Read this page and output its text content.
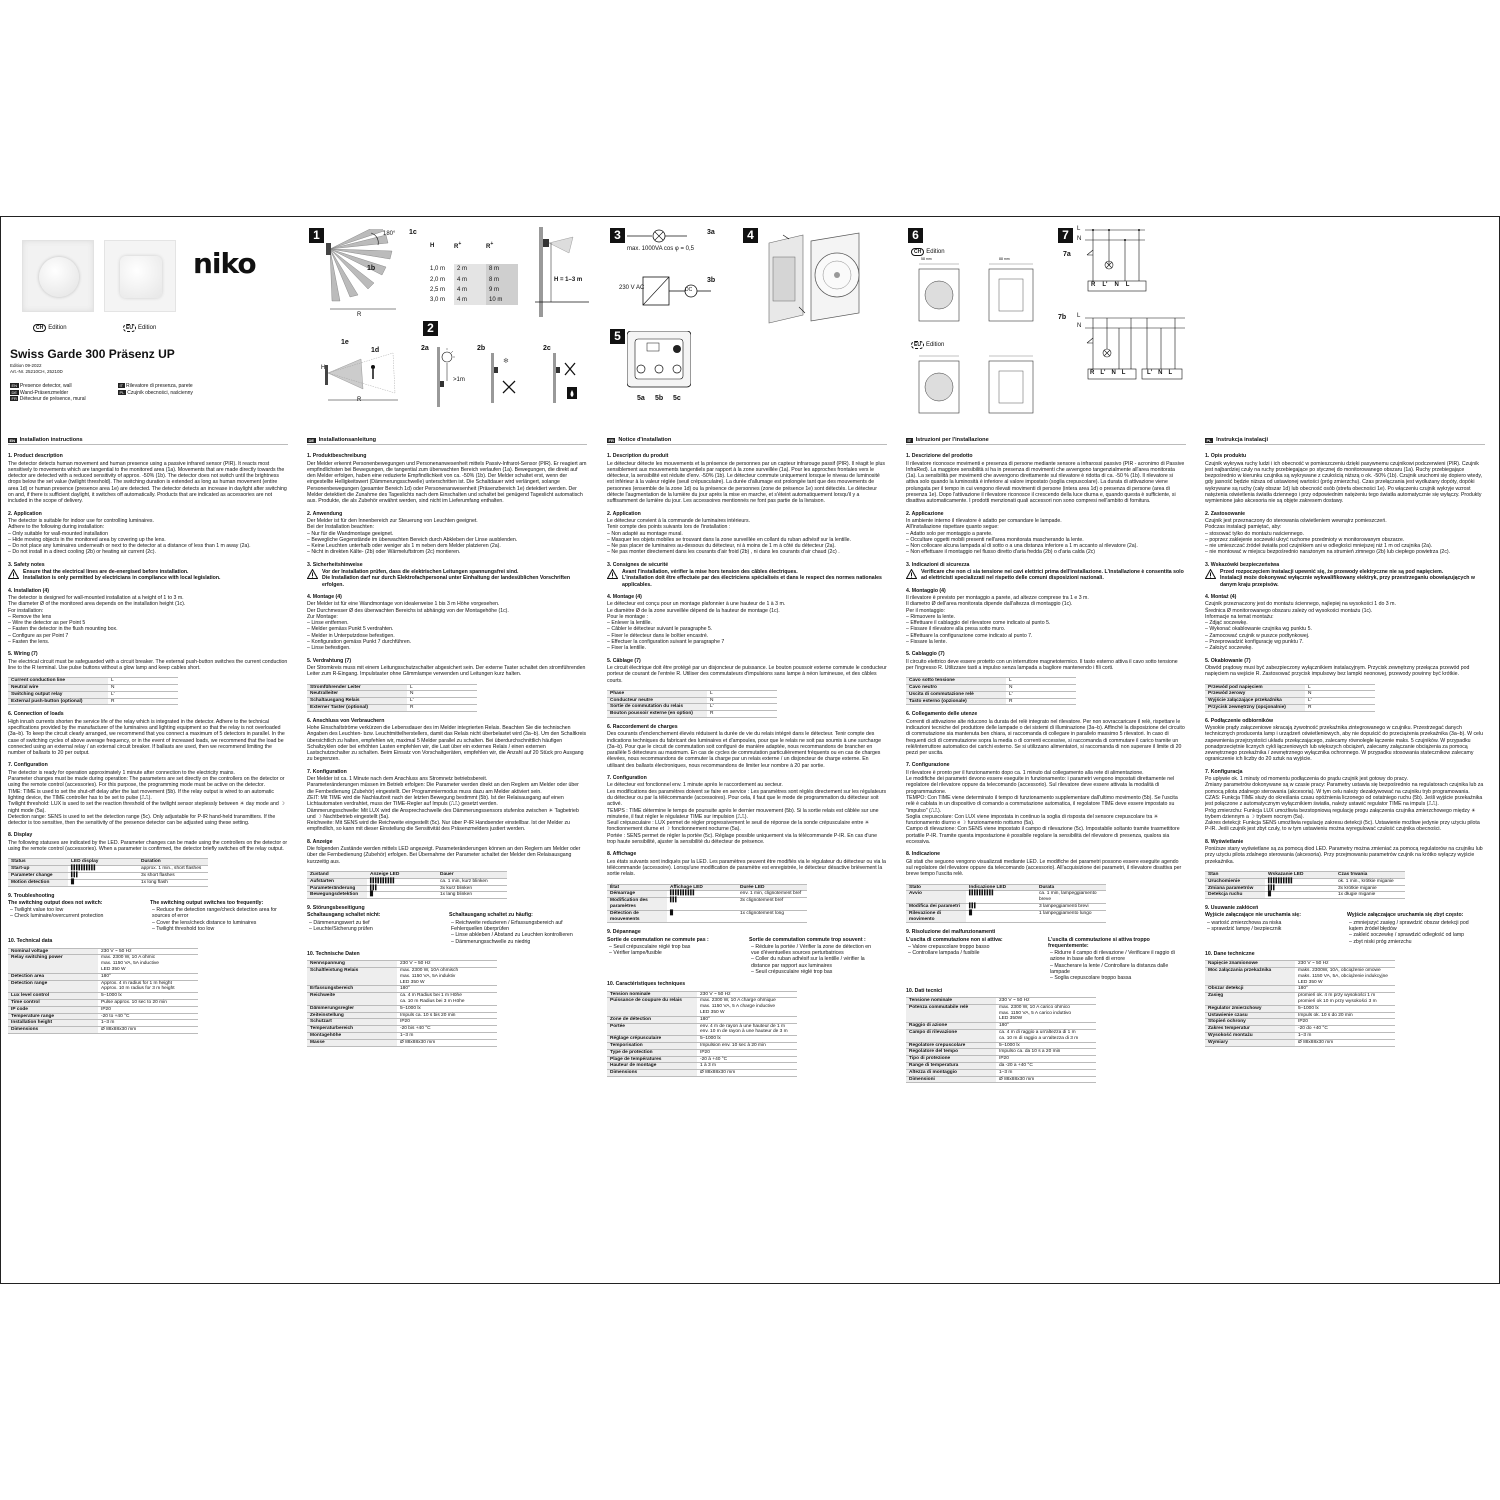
niko
CH Edition	EU Edition
Swiss Garde 300 Präsenz UP
Edition 09-2022
Art.-Nr. 25210CH, 25210D
EN Presence detector, wall
DE Wand-Präsenzmelder
FR Détecteur de présence, mural
IT Rilevatore di presenza, parete
PL Czujnik obecności, naścienny
1	180°
1b
R
1c
H	R+	R+

1,0 m	2 m	8 m
2,0 m	4 m	8 m
2,5 m	4 m	9 m
3,0 m	4 m	10 m
H = 1–3 m
1e
1d
H
R
2
2a
>1m
2b
❄
2c
3	3a
max. 1000VA cos φ = 0,5
230 V AC	DC
3b
4
5
5a 5b 5c
6
CH Edition
EU Edition
58 mm	88 mm
7	L
N
R L' N L
7a
7b L
N
R L' N L	L' N L
EN Installation instructions
1. Product description

The detector detects human movement and human presence using a passive infrared sensor (PIR). It reacts most sensitively to movements which are tangential to the monitored area (1a). Movements that are made directly towards the detector are detected with a reduced sensitivity of approx. -50% (1b). The detector does not switch until the brightness drops below the set value (twilight threshold). The switching duration is extended as long as human movement (entire area 1d) or human presence (presence area 1e) are detected. The detector detects an increase in daylight after switching on and, if there is sufficient daylight, it switches off automatically. Products that are indicated as accessories are not included in the scope of delivery.

2. Application

The detector is suitable for indoor use for controlling luminaires.

Adhere to the following during installation:

– Only suitable for wall-mounted installation

– Hide moving objects in the monitored area by covering up the lens.

– Do not place any luminaires underneath or next to the detector at a distance of less than 1 m away (2a).

– Do not install in a direct cooling (2b) or heating air current (2c).

3. Safety notes

Ensure that the electrical lines are de-energised before installation.

Installation is only permitted by electricians in compliance with local legislation.

4. Installation (4)

The detector is designed for wall-mounted installation at a height of 1 to 3 m.

The diameter Ø of the monitored area depends on the installation height (1c).

For installation:

– Remove the lens

– Wire the detector as per Point 5

– Fasten the detector in the flush mounting box.

– Configure as per Point 7

– Fasten the lens.

5. Wiring (7)

The electrical circuit must be safeguarded with a circuit breaker. The external push-button switches the current conduction line to the R terminal. Use pulse buttons without a glow lamp and keep cables short.

Current conduction line	L
Neutral wire	N
Switching output relay	L'
External push-button (optional)	R
6. Connection of loads

High inrush currents shorten the service life of the relay which is integrated in the detector. Adhere to the technical specifications provided by the manufacturer of the luminaires and lighting equipment so that the relay is not overloaded (3a–b). To keep the circuit clearly arranged, we recommend that you connect a maximum of 5 detectors in parallel. In the case of switching cycles of above average frequency, or in the event of increased loads, we recommend that the load be connected using an external relay / an external circuit breaker. If ballasts are used, then we recommend limiting the number of ballasts to 20 per output.

7. Configuration

The detector is ready for operation approximately 1 minute after connection to the electricity mains.

Parameter changes must be made during operation: The parameters are set directly on the controllers on the detector or using the remote control (accessories). For this purpose, the programming mode must be active on the detector.

TIME: TIME is used to set the shut-off delay after the last movement (5b). If the relay output is wired to an automatic lighting device, the TIME controller has to be set to pulse (⎍⎍).

Twilight threshold: LUX is used to set the reaction threshold of the twilight sensor steplessly between ☀ day mode and ☽ night mode (5a).

Detection range: SENS is used to set the detection range (5c). Only adjustable for P-IR hand-held transmitters. If the detector is too sensitive, then the sensitivity of the presence detector can be adjusted using these setting.

8. Display

The following statuses are indicated by the LED. Parameter changes can be made using the controllers on the detector or using the remote control (accessories). When a parameter is confirmed, the detector briefly switches off the relay output.

Status	LED display	Duration
Start-up	▌▌▌▌▌▌▌▌▌▌	approx. 1 min., short flashes
Parameter change	▌▌▌	3x short flashes
Motion detection	█	1x long flash
9. Troubleshooting
The switching output does not switch:
– Twilight value too low
– Check luminaire/overcurrent protection
The switching output switches too frequently:
– Reduce the detection range/check detection area for sources of error
– Cover the lens/check distance to luminaires
– Twilight threshold too low
10. Technical data
Nominal voltage	230 V ~ 50 Hz
Relay switching power	max. 2300 W, 10 A ohmic
max. 1150 VA, 5A inductive
LED 350 W
Detection area	180°
Detection range	Approx. 4 m radius for 1 m height
Approx. 10 m radius for 3 m height
Lux level control	5–1000 lx
Time control	Pulse approx. 10 sec to 20 min
IP code	IP20
Temperature range	-20 to +40 °C
Installation height	1–3 m
Dimensions	Ø 88x88x30 mm
DE Installationsanleitung
1. Produktbeschreibung

Der Melder erkennt Personenbewegungen und Personenanwesenheit mittels Passiv-Infrarot-Sensor (PIR). Er reagiert am empfindlichsten bei Bewegungen, die tangential zum überwachten Bereich verlaufen (1a). Bewegungen, die direkt auf den Melder erfolgen, haben eine reduzierte Empfindlichkeit von ca. -50% (1b). Der Melder schaltet erst, wenn der eingestellte Helligkeitswert (Dämmerungsschwelle) unterschritten ist. Die Schaltdauer wird verlängert, solange Personenbewegungen (gesamter Bereich 1d) oder Personenanwesenheit (Präsenzbereich 1e) detektiert werden. Der Melder detektiert die Zunahme des Tageslichts nach dem Einschalten und schaltet bei genügend Tageslicht automatisch aus. Produkte, die als Zubehör erwähnt werden, sind nicht im Lieferumfang enthalten.

2. Anwendung

Der Melder ist für den Innenbereich zur Steuerung von Leuchten geeignet.

Bei der Installation beachten:

– Nur für die Wandmontage geeignet.

– Bewegliche Gegenstände im überwachten Bereich durch Abkleben der Linse ausblenden.

– Keine Leuchten unterhalb oder weniger als 1 m neben dem Melder platzieren (2a).

– Nicht in direkten Kälte- (2b) oder Wärmeluftstrom (2c) montieren.

3. Sicherheitshinweise

Vor der Installation prüfen, dass die elektrischen Leitungen spannungsfrei sind.

Die Installation darf nur durch Elektrofachpersonal unter Einhaltung der landesüblichen Vorschriften erfolgen.

4. Montage (4)

Der Melder ist für eine Wandmontage von idealerweise 1 bis 3 m Höhe vorgesehen.

Der Durchmesser Ø des überwachten Bereichs ist abhängig von der Montagehöhe (1c).

Zur Montage:

– Linse entfernen.

– Melder gemäss Punkt 5 verdrahten.

– Melder in Unterputzdose befestigen.

– Konfiguration gemäss Punkt 7 durchführen.

– Linse befestigen.

5. Verdrahtung (7)

Der Stromkreis muss mit einem Leitungsschutzschalter abgesichert sein. Der externe Taster schaltet den stromführenden Leiter zum R-Eingang. Impulstaster ohne Glimmlampe verwenden und Leitungen kurz halten.

Stromführender Leiter	L
Neutralleiter	N
Schaltausgang Relais	L'
Externer Taster (optional)	R
6. Anschluss von Verbrauchern

Hohe Einschaltströme verkürzen die Lebensdauer des im Melder integrierten Relais. Beachten Sie die technischen Angaben des Leuchten- bzw. Leuchtmittelherstellers, damit das Relais nicht überbelastet wird (3a–b). Um den Schaltkreis übersichtlich zu halten, empfehlen wir, maximal 5 Melder parallel zu schalten. Bei überdurchschnittlich häufigen Schaltzyklen oder bei erhöhten Lasten empfehlen wir, die Last über ein externes Relais / einen externen Lastschutzschalter zu schalten. Beim Einsatz von Vorschaltgeräten, empfehlen wir, die Anzahl auf 20 Stück pro Ausgang zu begrenzen.

7. Konfiguration

Der Melder ist ca. 1 Minute nach dem Anschluss ans Stromnetz betriebsbereit.

Parameteränderungen müssen im Betrieb erfolgen: Die Parameter werden direkt an den Reglern am Melder oder über die Fernbedienung (Zubehör) eingestellt. Der Programmiermodus muss dazu am Melder aktiviert sein.

ZEIT: Mit TIME wird die Nachlaufzeit nach der letzten Bewegung bestimmt (5b). Ist der Relaisausgang auf einen Lichtautomaten verdrahtet, muss der TIME-Regler auf Impuls (⎍⎍) gesetzt werden.

Dämmerungsschwelle: Mit LUX wird die Ansprechschwelle des Dämmerungssensors stufenlos zwischen ☀ Tagbetrieb und ☽ Nachtbetrieb eingestellt (5a).

Reichweite: Mit SENS wird die Reichweite eingestellt (5c). Nur über P-IR Handsender einstellbar. Ist der Melder zu empfindlich, so kann mit dieser Einstellung die Sensitivität des Präsenzmelders justiert werden.

8. Anzeige

Die folgenden Zustände werden mittels LED angezeigt. Parameteränderungen können an den Reglern am Melder oder über die Fernbedienung (Zubehör) erfolgen. Bei Übernahme der Parameter schaltet der Melder den Relaisausgang kurzzeitig aus.

Zustand	Anzeige LED	Dauer
Aufstarten	▌▌▌▌▌▌▌▌▌▌	ca. 1 min, kurz blinken
Parameteränderung	▌▌▌	3x kurz blinken
Bewegungsdetektion	█	1x lang blinken
9. Störungsbeseitigung
Schaltausgang schaltet nicht:
– Dämmerungswert zu tief
– Leuchte/Sicherung prüfen
Schaltausgang schaltet zu häufig:
– Reichweite reduzieren / Erfassungsbereich auf Fehlerquellen überprüfen
– Linse abkleben / Abstand zu Leuchten kontrollieren
– Dämmerungsschwelle zu niedrig
10. Technische Daten
Nennspannung	230 V ~ 50 Hz
Schaltleistung Relais	max. 2300 W, 10A ohmisch
max. 1150 VA, 5A induktiv
LED 350 W
Erfassungsbereich	180°
Reichweite	ca. 4 m Radius bei 1 m Höhe
ca. 10 m Radius bei 3 m Höhe
Dämmerungsregler	5–1000 lx
Zeiteinstellung	Impuls ca. 10 s bis 20 min
Schutzart	IP20
Temperaturbereich	-20 bis +40 °C
Montagehöhe	1–3 m
Masse	Ø 88x88x30 mm
FR Notice d'installation
1. Description du produit

Le détecteur détecte les mouvements et la présence de personnes par un capteur infrarouge passif (PIR). Il réagit le plus sensiblement aux mouvements tangentiels par rapport à la zone surveillée (1a). Pour les approches frontales vers le détecteur, la sensibilité est réduite d'env. -50% (1b). Le détecteur commute uniquement lorsque le niveau de luminosité est inférieur à la valeur réglée (seuil crépusculaire). La durée d'allumage est prolongée tant que des mouvements de personnes (ensemble de la zone 1d) ou la présence de personnes (zone de présence 1e) sont détectés. Le détecteur détecte l'augmentation de la lumière du jour après la mise en marche, et s'éteint automatiquement lorsqu'il y a suffisamment de lumière du jour. Les accessoires mentionnés ne font pas partie de la livraison.

2. Application

Le détecteur convient à la commande de luminaires intérieurs.

Tenir compte des points suivants lors de l'installation :

– Non adapté au montage mural.

– Masquer les objets mobiles se trouvant dans la zone surveillée en collant du ruban adhésif sur la lentille.

– Ne pas placer de luminaires au-dessous du détecteur, ni à moins de 1 m à côté du détecteur (2a).

– Ne pas monter directement dans les courants d'air froid (2b) , ni dans les courants d'air chaud (2c) .

3. Consignes de sécurité

Avant l'installation, vérifier la mise hors tension des câbles électriques.

L'installation doit être effectuée par des électriciens spécialisés et dans le respect des normes nationales applicables.

4. Montage (4)

Le détecteur est conçu pour un montage plafonnier à une hauteur de 1 à 3 m.

Le diamètre Ø de la zone surveillée dépend de la hauteur de montage (1c).

Pour le montage :

– Enlever la lentille.

– Câbler le détecteur suivant le paragraphe 5.

– Fixer le détecteur dans le boîtier encastré.

– Effectuer la configuration suivant le paragraphe 7

– Fixer la lentille.

5. Câblage (7)

Le circuit électrique doit être protégé par un disjoncteur de puissance. Le bouton poussoir externe commute le conducteur porteur de courant de l'entrée R. Utiliser des commutateurs d'impulsions sans lampe à néon lumineuse, et des câbles courts.

Phase	L
Conducteur neutre	N
Sortie de commutation du relais	L'
Bouton poussoir externe (en option)	R
6. Raccordement de charges

Des courants d'enclenchement élevés réduisent la durée de vie du relais intégré dans le détecteur. Tenir compte des indications techniques du fabricant des luminaires et d'ampoules, pour que le relais ne soit pas soumis à une surcharge (3a–b). Pour que le circuit de commutation soit configuré de manière adaptée, nous recommandons de brancher en parallèle 5 détecteurs au maximum. En cas de cycles de commutation particulièrement fréquents ou en cas de charges élevées, nous recommandons de commuter la charge par un relais externe / un disjoncteur de charge externe. En utilisant des ballasts électroniques, nous recommandons de limiter leur nombre à 20 par sortie.

7. Configuration

Le détecteur est fonctionnel env. 1 minute après le raccordement au secteur.

Les modifications des paramètres doivent se faire en service : Les paramètres sont réglés directement sur les régulateurs du détecteur ou par la télécommande (accessoires). Pour cela, il faut que le mode de programmation du détecteur soit activé.

TEMPS : TIME détermine le temps de poursuite après le dernier mouvement (5b). Si la sortie relais est câblée sur une minuterie, il faut régler le régulateur TIME sur impulsion (⎍⎍).

Seuil crépusculaire : LUX permet de régler progressivement le seuil de réponse de la sonde crépusculaire entre ☀ fonctionnement diurne et ☽ fonctionnement nocturne (5a).

Portée : SENS permet de régler la portée (5c). Réglage possible uniquement via la télécommande P-IR. En cas d'une trop haute sensibilité, ajuster la sensibilité du détecteur de présence.

8. Affichage

Les états suivants sont indiqués par la LED. Les paramètres peuvent être modifiés via le régulateur du détecteur ou via la télécommande (accessoire). Lorsqu'une modification de paramètre est enregistrée, le détecteur désactive brièvement la sortie relais.

État	Affichage LED	Durée LED
Démarrage	▌▌▌▌▌▌▌▌▌▌	env. 1 min, clignotement bref
Modification des paramètres	▌▌▌	3x clignotement bref
Détection de mouvements	█	1x clignotement long
9. Dépannage
Sortie de commutation ne commute pas :
– Seuil crépusculaire réglé trop bas
– Vérifier lampe/fusible
Sortie de commutation commute trop souvent :
– Réduire la portée / Vérifier la zone de détection en vue d'éventuelles sources perturbatrices
– Coller du ruban adhésif sur la lentille / vérifier la distance par rapport aux luminaires
– Seuil crépusculaire réglé trop bas
10. Caractéristiques techniques
Tension nominale	230 V ~ 50 Hz
Puissance de coupure du relais	max. 2300 W, 10 A charge ohmique
max. 1150 VA, 5 A charge inductive
LED 350 W
Zone de détection	180°
Portée	env. 4 m de rayon à une hauteur de 1 m
env. 10 m de rayon à une hauteur de 3 m
Réglage crépusculaire	5–1000 lx
Temporisation	Impulsion env. 10 sec à 20 min
Type de protection	IP20
Plage de températures	-20 à +40 °C
Hauteur de montage	1 à 3 m
Dimensions	Ø 88x88x30 mm
IT Istruzioni per l'installazione
1. Descrizione del prodotto

Il rilevatore riconosce movimenti e presenza di persone mediante sensore a infrarossi passivo (PIR - acronimo di Passive InfraRed). La maggiore sensibilità si ha in presenza di movimenti che avvengono tangenzialmente all'area monitorata (1a). La sensibilità per movimenti che avvengono direttamente sul rilevatore è ridotta di ca. -50 % (1b). Il rilevatore si attiva solo quando la luminosità è inferiore al valore impostato (soglia crepuscolare). La durata di attivazione viene prolungata per il tempo in cui vengono rilevati movimenti di persone (intera area 1d) o presenza di persone (area di presenza 1e). Dopo l'attivazione il rilevatore riconosce il crescendo della luce diurna e, quando questa è sufficiente, si disattiva automaticamente. I prodotti menzionati quali accessori non sono compresi nell'ambito di fornitura.

2. Applicazione

In ambiente interno il rilevatore è adatto per comandare le lampade.

All'installazione rispettare quanto segue:

– Adatto solo per montaggio a parete.

– Occultare oggetti mobili presenti nell'area monitorata mascherando la lente.

– Non collocare alcuna lampada al di sotto o a una distanza inferiore a 1 m accanto al rilevatore (2a).

– Non effettuare il montaggio nel flusso diretto d'aria fredda (2b) o d'aria calda (2c)

3. Indicazioni di sicurezza

Verificare che non ci sia tensione nei cavi elettrici prima dell'installazione. L'installazione è consentita solo ad elettricisti specializzati nel rispetto delle comuni disposizioni nazionali.

4. Montaggio (4)

Il rilevatore è previsto per montaggio a parete, ad altezze comprese tra 1 e 3 m.

Il diametro Ø dell'area monitorata dipende dall'altezza di montaggio (1c).

Per il montaggio:

– Rimuovere la lente.

– Effettuare il cablaggio del rilevatore come indicato al punto 5.

– Fissare il rilevatore alla presa sotto muro.

– Effettuare la configurazione come indicato al punto 7.

– Fissare la lente.

5. Cablaggio (7)

Il circuito elettrico deve essere protetto con un interruttore magnetotermico. Il tasto esterno attiva il cavo sotto tensione per l'ingresso R. Utilizzare tasti a impulso senza lampada a bagliore mantenendo i fili corti.

Cavo sotto tensione	L
Cavo neutro	N
Uscita di commutazione relè	L'
Tasto esterno (opzionale)	R
6. Collegamento delle utenze

Correnti di attivazione alte riducono la durata del relè integrato nel rilevatore. Per non sovraccaricare il relè, rispettare le indicazioni tecniche del produttore delle lampade o dei sistemi di illuminazione (3a–b). Affinché la disposizione del circuito di commutazione sia mantenuta ben chiara, si raccomanda di collegare in parallelo massimo 5 rilevatori. In caso di frequenti cicli di commutazione sopra la media o di correnti eccessive, si raccomanda di commutare il carico tramite un relè/interruttore automatico dei carichi esterno. Se si utilizzano alimentatori, si raccomanda di non superare il limite di 20 pezzi per uscita.

7. Configurazione

Il rilevatore è pronto per il funzionamento dopo ca. 1 minuto dal collegamento alla rete di alimentazione.

Le modifiche dei parametri devono essere eseguite in funzionamento: i parametri vengono impostati direttamente nel regolatore del rilevatore oppure da telecomando (accessorio). Sul rilevatore deve essere attivata la modalità di programmazione.

TEMPO: Con TIME viene determinato il tempo di funzionamento supplementare dall'ultimo movimento (5b). Se l'uscita relè è cablata in un dispositivo di comando a commutazione automatica, il regolatore TIME deve essere impostato su "impulso" (⎍⎍).

Soglia crepuscolare: Con LUX viene impostata in continuo la soglia di risposta del sensore crepuscolare tra ☀ funzionamento diurno e ☽ funzionamento notturno (5a).

Campo di rilevazione: Con SENS viene impostato il campo di rilevazione (5c). Impostabile soltanto tramite trasmettitore portatile P-IR. Tramite questa impostazione è possibile regolare la sensibilità del rilevatore di presenza, qualora sia eccessiva.

8. Indicazione

Gli stati che seguono vengono visualizzati mediante LED. Le modifiche dei parametri possono essere eseguite agendo sul regolatore del rilevatore oppure da telecomando (accessorio). All'acquisizione dei parametri, il rilevatore disattiva per breve tempo l'uscita relè.

Stato	Indicazione LED	Durata
Avvio	▌▌▌▌▌▌▌▌▌▌	ca. 1 min, lampeggiamento breve
Modifica dei parametri	▌▌▌	3 lampeggiamenti brevi
Rilevazione di movimento	█	1 lampeggiamento lungo
9. Risoluzione dei malfunzionamenti
L'uscita di commutazione non si attiva:
– Valore crepuscolare troppo basso
– Controllare lampada / fusibile
L'uscita di commutazione si attiva troppo frequentemente:
– Ridurre il campo di rilevazione / Verificare il raggio di azione in base alle fonti di errore
– Mascherare la lente / Controllare la distanza dalle lampade
– Soglia crepuscolare troppo bassa
10. Dati tecnici
Tensione nominale	230 V ~ 50 Hz
Potenza commutabile relè	max. 2300 W, 10 A carico ohmico
max. 1150 VA, 5 A carico induttivo
LED 350W
Raggio di azione	180°
Campo di rilevazione	ca. 4 m di raggio a un'altezza di 1 m
ca. 10 m di raggio a un'altezza di 3 m
Regolatore crepuscolare	5–1000 lx
Regolatore del tempo	Impulso ca. da 10 s a 20 min
Tipo di protezione	IP20
Range di temperatura	da -20 a +40 °C
Altezza di montaggio	1–3 m
Dimensioni	Ø 88x88x30 mm
PL Instrukcja instalacji
1. Opis produktu

Czujnik wykrywa ruchy ludzi i ich obecność w pomieszczeniu dzięki pasywnemu czujnikowi podczerwieni (PIR). Czujnik jest najbardziej czuły na ruchy przebiegające po stycznej do monitorowanego obszaru (1a). Ruchy przebiegające bezpośrednio w kierunku czujnika są wykrywane z czułością niższą o ok. -50% (1b). Czujnik uruchomi się dopiero wtedy, gdy jasność będzie niższa od ustawionej wartości (próg zmierzchu). Czas przełączania jest wydłużany dopóty, dopóki wykrywane są ruchy (cały obszar 1d) lub obecność osób (strefa obecności 1e). Po włączeniu czujnik wykryje wzrost natężenia oświetlenia światła dziennego i przy odpowiednim natężeniu tego światła automatycznie się wyłączy. Produkty wymienione jako akcesoria nie są objęte zakresem dostawy.

2. Zastosowanie

Czujnik jest przeznaczony do sterowania oświetleniem wewnątrz pomieszczeń.

Podczas instalacji pamiętać, aby:

– stosować tylko do montażu naściennego.

– poprzez zaklejenie soczewki ukryć ruchome przedmioty w monitorowanym obszarze.

– nie umieszczać źródeł światła pod czujnikiem ani w odległości mniejszej niż 1 m od czujnika (2a).

– nie montować w miejscu bezpośrednio narażonym na strumień zimnego (2b) lub ciepłego powietrza (2c).

3. Wskazówki bezpieczeństwa

Przed rozpoczęciem instalacji upewnić się, że przewody elektryczne nie są pod napięciem.

Instalacji może dokonywać wyłącznie wykwalifikowany elektryk, przy przestrzeganiu obowiązujących w danym kraju przepisów.

4. Montaż (4)

Czujnik przeznaczony jest do montażu ściennego, najlepiej na wysokości 1 do 3 m.

Średnica Ø monitorowanego obszaru zależy od wysokości montażu (1c).

Informacje na temat montażu:

– Zdjąć soczewkę.

– Wykonać okablowanie czujnika wg punktu 5.

– Zamocować czujnik w puszce podtynkowej.

– Przeprowadzić konfigurację wg punktu 7.

– Założyć soczewkę.

5. Okablowanie (7)

Obwód prądowy musi być zabezpieczony wyłącznikiem instalacyjnym. Przycisk zewnętrzny przełącza przewód pod napięciem na wejście R. Zastosować przycisk impulsowy bez lampki neonowej, przewody powinny być krótkie.

Przewód pod napięciem	L
Przewód zerowy	N
Wyjście załączające przekaźnika	L'
Przycisk zewnętrzny (opcjonalnie)	R
6. Podłączenie odbiorników

Wysokie prądy załączeniowe skracają żywotność przekaźnika zintegrowanego w czujniku. Przestrzegać danych technicznych producenta lamp i urządzeń oświetleniowych, aby nie dopuścić do przeciążenia przekaźnika (3a–b). W celu zapewnienia przejrzystości układu przełączającego, zalecamy równoległe łączenie maks. 5 czujników. W przypadku ponadprzeciętnie licznych cykli łączeniowych lub większych obciążeń, zalecamy załączanie obciążenia za pomocą zewnętrznego przekaźnika / zewnętrznego wyłącznika ochronnego. W przypadku stosowania statecznikow zalecamy ograniczenie ich liczby do 20 sztuk na wyjście.

7. Konfiguracja

Po upływie ok. 1 minuty od momentu podłączenia do prądu czujnik jest gotowy do pracy.

Zmiany parametrów dokonywane są w czasie pracy: Parametry ustawia się bezpośrednio na regulatorach czujnika lub za pomocą pilota zdalnego sterowania (akcesoria). W tym celu należy dezaktywować na czujniku tryb programowania.

CZAS: Funkcja TIME służy do określania czasu opóźnienia liczonego od ostatniego ruchu (5b). Jeśli wyjście przekaźnika jest połączone z automatycznym wyłącznikiem światła, należy ustawić regulator TIME na impuls (⎍⎍).

Próg zmierzchu: Funkcja LUX umożliwia bezstopniową regulację progu załączenia czujnika zmierzchowego między ☀ trybem dziennym a ☽ trybem nocnym (5a).

Zakres detekcji: Funkcja SENS umożliwia regulację zakresu detekcji (5c). Ustawienie możliwe jedynie przy użyciu pilota P-IR. Jeśli czujnik jest zbyt czuły, to w tym ustawieniu można wyregulować czułość czujnika obecności.

8. Wyświetlanie

Poniższe stany wyświetlane są za pomocą diod LED. Parametry można zmieniać za pomocą regulatorów na czujniku lub przy użyciu pilota zdalnego sterowania (akcesoria). Przy przejmowaniu parametrów czujnik na krótko wyłączy wyjście przekaźnika.

Stan	Wskazanie LED	Czas trwania
Uruchomienie	▌▌▌▌▌▌▌▌▌▌	ok. 1 min., krótkie miganie
Zmiana parametrów	▌▌▌	3x krótkie miganie
Detekcja ruchu	█	1x długie miganie
9. Usuwanie zakłóceń
Wyjście załączające nie uruchamia się:
– wartość zmierzchowa za niska
– sprawdzić lampę / bezpiecznik
Wyjście załączające uruchamia się zbyt często:
– zmniejszyć zasięg / sprawdzić obszar detekcji pod kątem źródeł błędów
– zakleić soczewkę / sprawdzić odległość od lamp
– zbyt niski próg zmierzchu
10. Dane techniczne
Napięcie znamionowe	230 V ~ 50 Hz
Moc załączania przekaźnika	maks. 2300W, 10A, obciążenie omowe
maks. 1150 VA, 5A, obciążenie indukcyjne
LED 350 W
Obszar detekcji	180°
Zasięg	promień ok. 4 m przy wysokości 1 m
promień ok 10 m przy wysokości 3 m
Regulator zmierzchowy	5–1000 lx
Ustawienie czasu	Impuls ok. 10 s do 20 min
Stopień ochrony	IP20
Zakres temperatur	-20 do +40 °C
Wysokość montażu	1–3 m
Wymiary	Ø 88x88x30 mm
